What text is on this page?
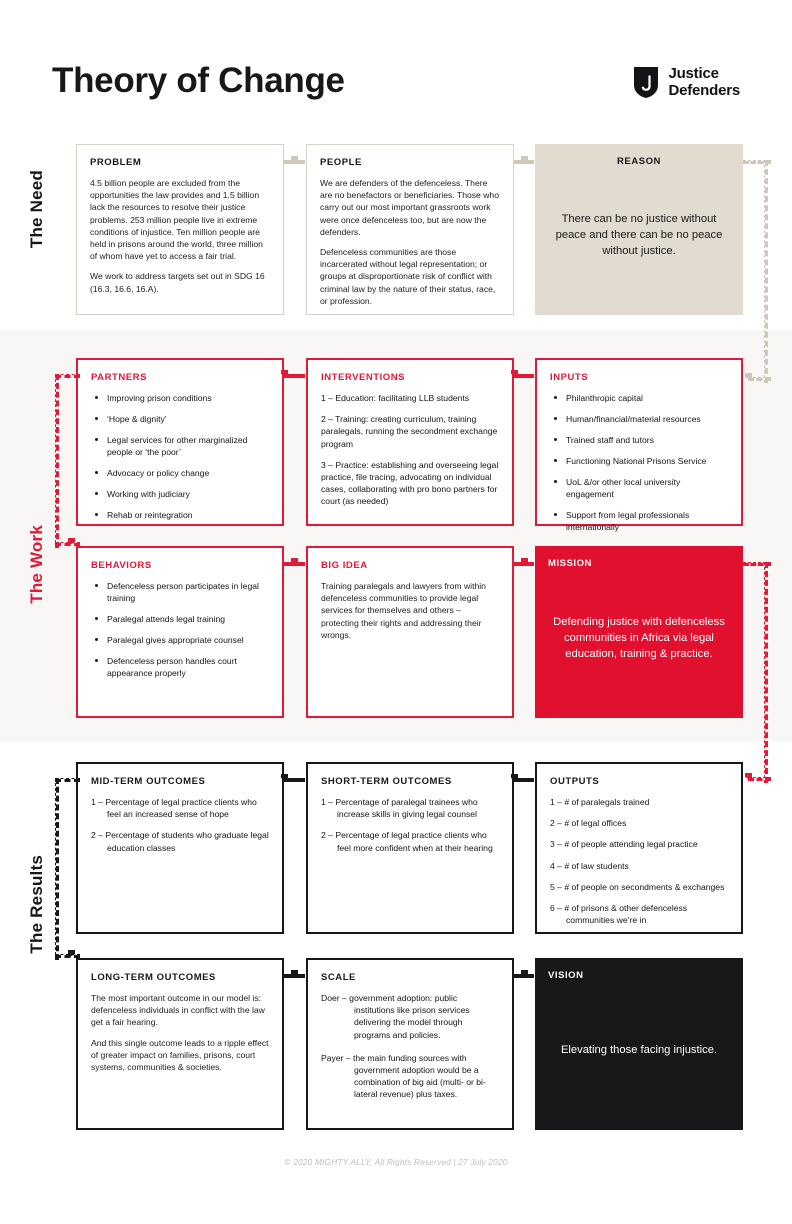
Theory of Change	Justice
Defenders
The Need
The Work
The Results
PROBLEM

4.5 billion people are excluded from the opportunities the law provides and 1.5 billion lack the resources to resolve their justice problems. 253 million people live in extreme conditions of injustice. Ten million people are held in prisons around the world, three million of whom have yet to access a fair trial.

We work to address targets set out in SDG 16 (16.3, 16.6, 16.A).

PEOPLE

We are defenders of the defenceless. There are no benefactors or beneficiaries. Those who carry out our most important grassroots work were once defenceless too, but are now the defenders.

Defenceless communities are those incarcerated without legal representation; or groups at disproportionate risk of conflict with criminal law by the nature of their status, race, or profession.

REASON
There can be no justice without peace and there can be no peace without justice.
PARTNERS
Improving prison conditions
‘Hope & dignity’
Legal services for other marginalized people or ‘the poor’
Advocacy or policy change
Working with judiciary
Rehab or reintegration
INTERVENTIONS
1 – Education: facilitating LLB students
2 – Training: creating curriculum, training paralegals, running the secondment exchange program
3 – Practice: establishing and overseeing legal practice, file tracing, advocating on individual cases, collaborating with pro bono partners for court (as needed)
INPUTS
Philanthropic capital
Human/financial/material resources
Trained staff and tutors
Functioning National Prisons Service
UoL &/or other local university engagement
Support from legal professionals internationally
BEHAVIORS
Defenceless person participates in legal training
Paralegal attends legal training
Paralegal gives appropriate counsel
Defenceless person handles court appearance properly
BIG IDEA

Training paralegals and lawyers from within defenceless communities to provide legal services for themselves and others – protecting their rights and addressing their wrongs.

MISSION
Defending justice with defenceless communities in Africa via legal education, training & practice.
MID-TERM OUTCOMES
1 – Percentage of legal practice clients who feel an increased sense of hope
2 – Percentage of students who graduate legal education classes
SHORT-TERM OUTCOMES
1 – Percentage of paralegal trainees who increase skills in giving legal counsel
2 – Percentage of legal practice clients who feel more confident when at their hearing
OUTPUTS
1 – # of paralegals trained
2 – # of legal offices
3 – # of people attending legal practice
4 – # of law students
5 – # of people on secondments & exchanges
6 – # of prisons & other defenceless communities we’re in
LONG-TERM OUTCOMES

The most important outcome in our model is: defenceless individuals in conflict with the law get a fair hearing.

And this single outcome leads to a ripple effect of greater impact on families, prisons, court systems, communities & societies.

SCALE
Doer – government adoption: public institutions like prison services delivering the model through programs and policies.
Payer – the main funding sources with government adoption would be a combination of big aid (multi- or bi-lateral revenue) plus taxes.
VISION
Elevating those facing injustice.
© 2020 MIGHTY ALLY, All Rights Reserved | 27 July 2020
